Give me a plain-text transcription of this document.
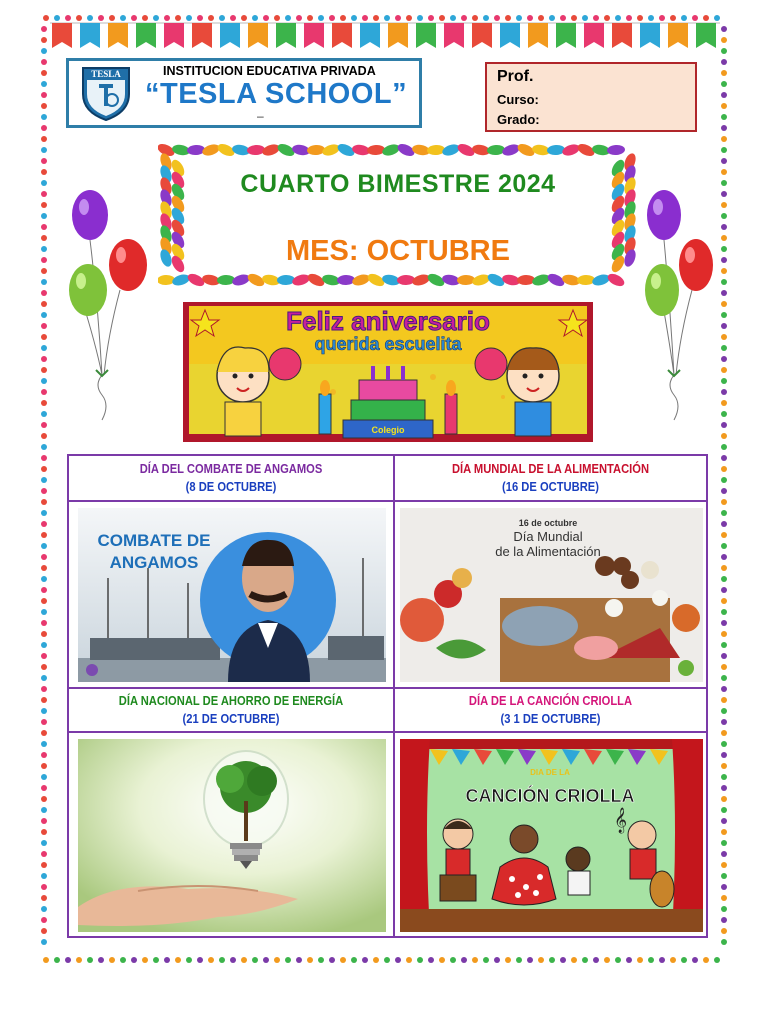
TESLA	INSTITUCION EDUCATIVA PRIVADA
“TESLA SCHOOL”
–
Prof.
Curso:
Grado:
CUARTO BIMESTRE 2024
MES: OCTUBRE
Feliz aniversario
querida escuelita
Colegio
DÍA DEL COMBATE DE ANGAMOS
(8 DE OCTUBRE)
DÍA MUNDIAL DE LA ALIMENTACIÓN
(16 DE OCTUBRE)
DÍA NACIONAL DE AHORRO DE ENERGÍA
(21 DE OCTUBRE)
DÍA DE LA CANCIÓN CRIOLLA
(3 1 DE OCTUBRE)
COMBATE DE ANGAMOS
16 de octubre
Día Mundial de la Alimentación
DIA DE LA
CANCIÓN CRIOLLA
𝄞
